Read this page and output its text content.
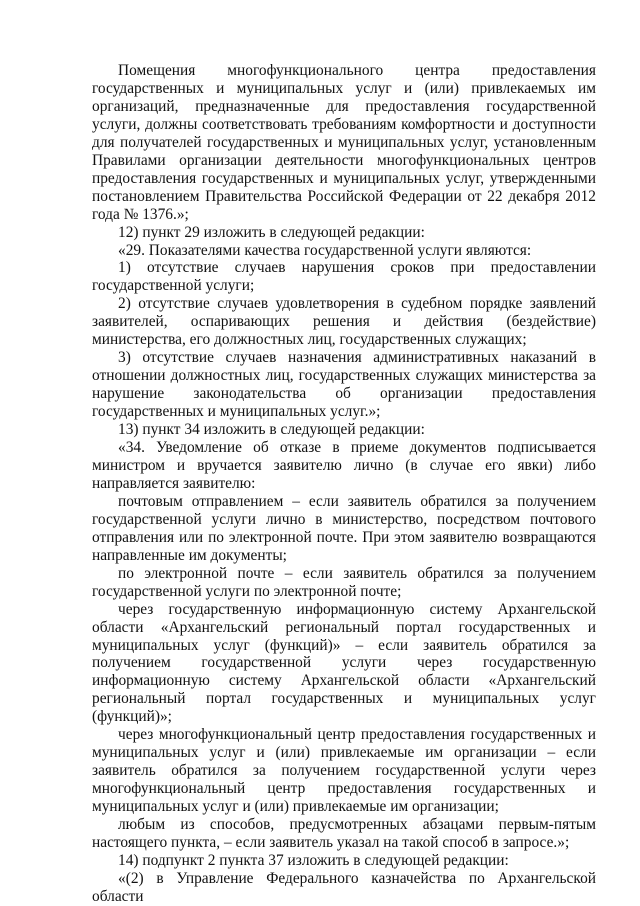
Помещения многофункционального центра предоставления государственных и муниципальных услуг и (или) привлекаемых им организаций, предназначенные для предоставления государственной услуги, должны соответствовать требованиям комфортности и доступности для получателей государственных и муниципальных услуг, установленным Правилами организации деятельности многофункциональных центров предоставления государственных и муниципальных услуг, утвержденными постановлением Правительства Российской Федерации от 22 декабря 2012 года № 1376.»;

12) пункт 29 изложить в следующей редакции:

«29. Показателями качества государственной услуги являются:

1) отсутствие случаев нарушения сроков при предоставлении государственной услуги;

2) отсутствие случаев удовлетворения в судебном порядке заявлений заявителей, оспаривающих решения и действия (бездействие) министерства, его должностных лиц, государственных служащих;

3) отсутствие случаев назначения административных наказаний в отношении должностных лиц, государственных служащих министерства за нарушение законодательства об организации предоставления государственных и муниципальных услуг.»;

13) пункт 34 изложить в следующей редакции:

«34. Уведомление об отказе в приеме документов подписывается министром и вручается заявителю лично (в случае его явки) либо направляется заявителю:

почтовым отправлением – если заявитель обратился за получением государственной услуги лично в министерство, посредством почтового отправления или по электронной почте. При этом заявителю возвращаются направленные им документы;

по электронной почте – если заявитель обратился за получением государственной услуги по электронной почте;

через государственную информационную систему Архангельской области «Архангельский региональный портал государственных и муниципальных услуг (функций)» – если заявитель обратился за получением государственной услуги через государственную информационную систему Архангельской области «Архангельский региональный портал государственных и муниципальных услуг (функций)»;

через многофункциональный центр предоставления государственных и муниципальных услуг и (или) привлекаемые им организации – если заявитель обратился за получением государственной услуги через многофункциональный центр предоставления государственных и муниципальных услуг и (или) привлекаемые им организации;

любым из способов, предусмотренных абзацами первым-пятым настоящего пункта, – если заявитель указал на такой способ в запросе.»;

14) подпункт 2 пункта 37 изложить в следующей редакции:

«(2) в Управление Федерального казначейства по Архангельской области
